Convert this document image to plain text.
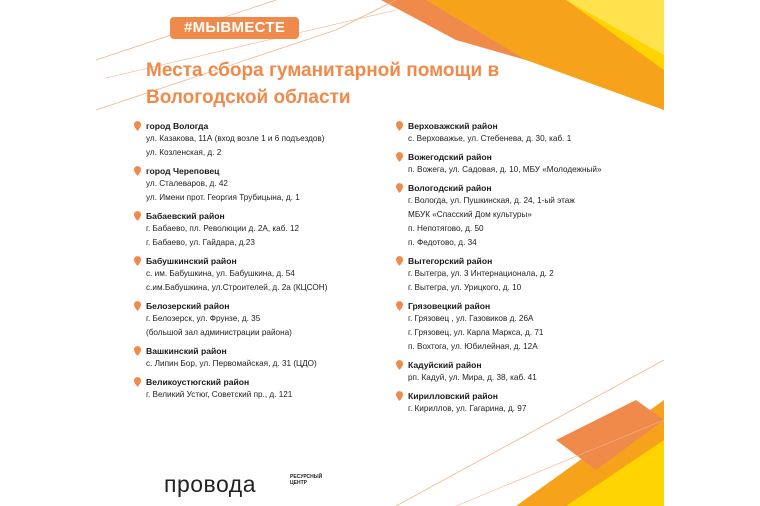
#МЫВМЕСТЕ
Места сбора гуманитарной помощи в Вологодской области
город Вологда
ул. Казакова, 11А (вход возле 1 и 6 подъездов)
ул. Козленская, д. 2
город Череповец
ул. Сталеваров, д. 42
ул. Имени прот. Георгия Трубицына, д. 1
Бабаевский район
г. Бабаево, пл. Революции д. 2А, каб. 12
г. Бабаево, ул. Гайдара, д.23
Бабушкинский район
с. им. Бабушкина, ул. Бабушкина, д. 54
с.им.Бабушкина, ул.Строителей, д. 2а (КЦСОН)
Белозерский район
г. Белозерск, ул. Фрунзе, д. 35
(большой зал администрации района)
Вашкинский район
с. Липин Бор, ул. Первомайская, д. 31 (ЦДО)
Великоустюгский район
г. Великий Устюг, Советский пр., д. 121
Верховажский район
с. Верховажье, ул. Стебенева, д. 30, каб. 1
Вожегодский район
п. Вожега, ул. Садовая, д. 10, МБУ «Молодежный»
Вологодский район
г. Вологда, ул. Пушкинская, д. 24, 1-ый этаж
МБУК «Спасский Дом культуры»
п. Непотягово, д. 50
п. Федотово, д. 34
Вытегорский район
г. Вытегра, ул. 3 Интернационала, д. 2
г. Вытегра, ул. Урицкого, д. 10
Грязовецкий район
г. Грязовец , ул. Газовиков д. 26А
г. Грязовец, ул. Карла Маркса, д. 71
п. Вохтога, ул. Юбилейная, д. 12А
Кадуйский район
рп. Кадуй, ул. Мира, д. 38, каб. 41
Кирилловский район
г. Кириллов, ул. Гагарина, д. 97
провода	РЕСУРСНЫЙ ЦЕНТР
